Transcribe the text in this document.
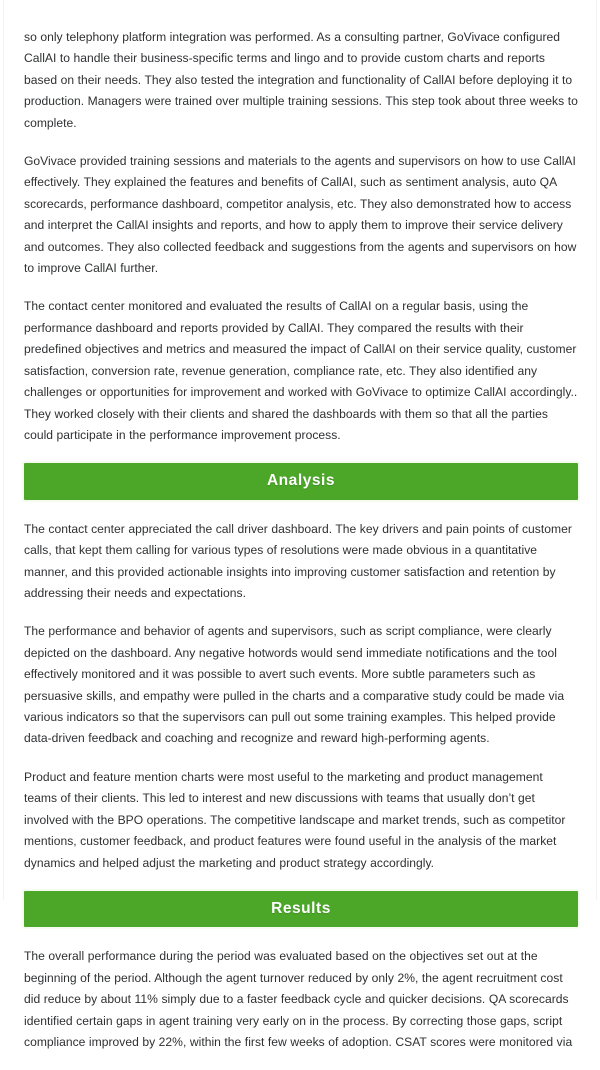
so only telephony platform integration was performed. As a consulting partner, GoVivace configured CallAI to handle their business-specific terms and lingo and to provide custom charts and reports based on their needs. They also tested the integration and functionality of CallAI before deploying it to production. Managers were trained over multiple training sessions. This step took about three weeks to complete.

GoVivace provided training sessions and materials to the agents and supervisors on how to use CallAI effectively. They explained the features and benefits of CallAI, such as sentiment analysis, auto QA scorecards, performance dashboard, competitor analysis, etc. They also demonstrated how to access and interpret the CallAI insights and reports, and how to apply them to improve their service delivery and outcomes. They also collected feedback and suggestions from the agents and supervisors on how to improve CallAI further.

The contact center monitored and evaluated the results of CallAI on a regular basis, using the performance dashboard and reports provided by CallAI. They compared the results with their predefined objectives and metrics and measured the impact of CallAI on their service quality, customer satisfaction, conversion rate, revenue generation, compliance rate, etc. They also identified any challenges or opportunities for improvement and worked with GoVivace to optimize CallAI accordingly.. They worked closely with their clients and shared the dashboards with them so that all the parties could participate in the performance improvement process.

Analysis

The contact center appreciated the call driver dashboard. The key drivers and pain points of customer calls, that kept them calling for various types of resolutions were made obvious in a quantitative manner, and this provided actionable insights into improving customer satisfaction and retention by addressing their needs and expectations.

The performance and behavior of agents and supervisors, such as script compliance, were clearly depicted on the dashboard. Any negative hotwords would send immediate notifications and the tool effectively monitored and it was possible to avert such events. More subtle parameters such as persuasive skills, and empathy were pulled in the charts and a comparative study could be made via various indicators so that the supervisors can pull out some training examples. This helped provide data-driven feedback and coaching and recognize and reward high-performing agents.

Product and feature mention charts were most useful to the marketing and product management teams of their clients. This led to interest and new discussions with teams that usually don’t get involved with the BPO operations. The competitive landscape and market trends, such as competitor mentions, customer feedback, and product features were found useful in the analysis of the market dynamics and helped adjust the marketing and product strategy accordingly.

Results

The overall performance during the period was evaluated based on the objectives set out at the beginning of the period. Although the agent turnover reduced by only 2%, the agent recruitment cost did reduce by about 11% simply due to a faster feedback cycle and quicker decisions. QA scorecards identified certain gaps in agent training very early on in the process. By correcting those gaps, script compliance improved by 22%, within the first few weeks of adoption. CSAT scores were monitored via
